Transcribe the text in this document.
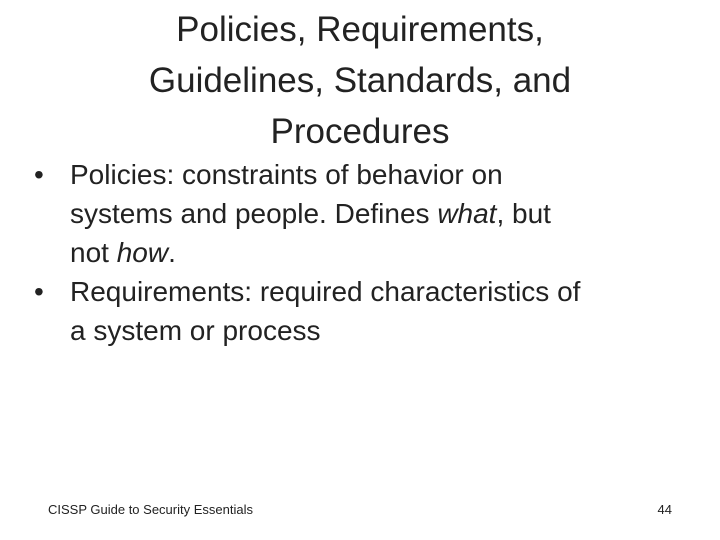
Policies, Requirements,
Guidelines, Standards, and
Procedures
• Policies: constraints of behavior on
systems and people. Defines what, but
not how.
• Requirements: required characteristics of
a system or process
CISSP Guide to Security Essentials	44
